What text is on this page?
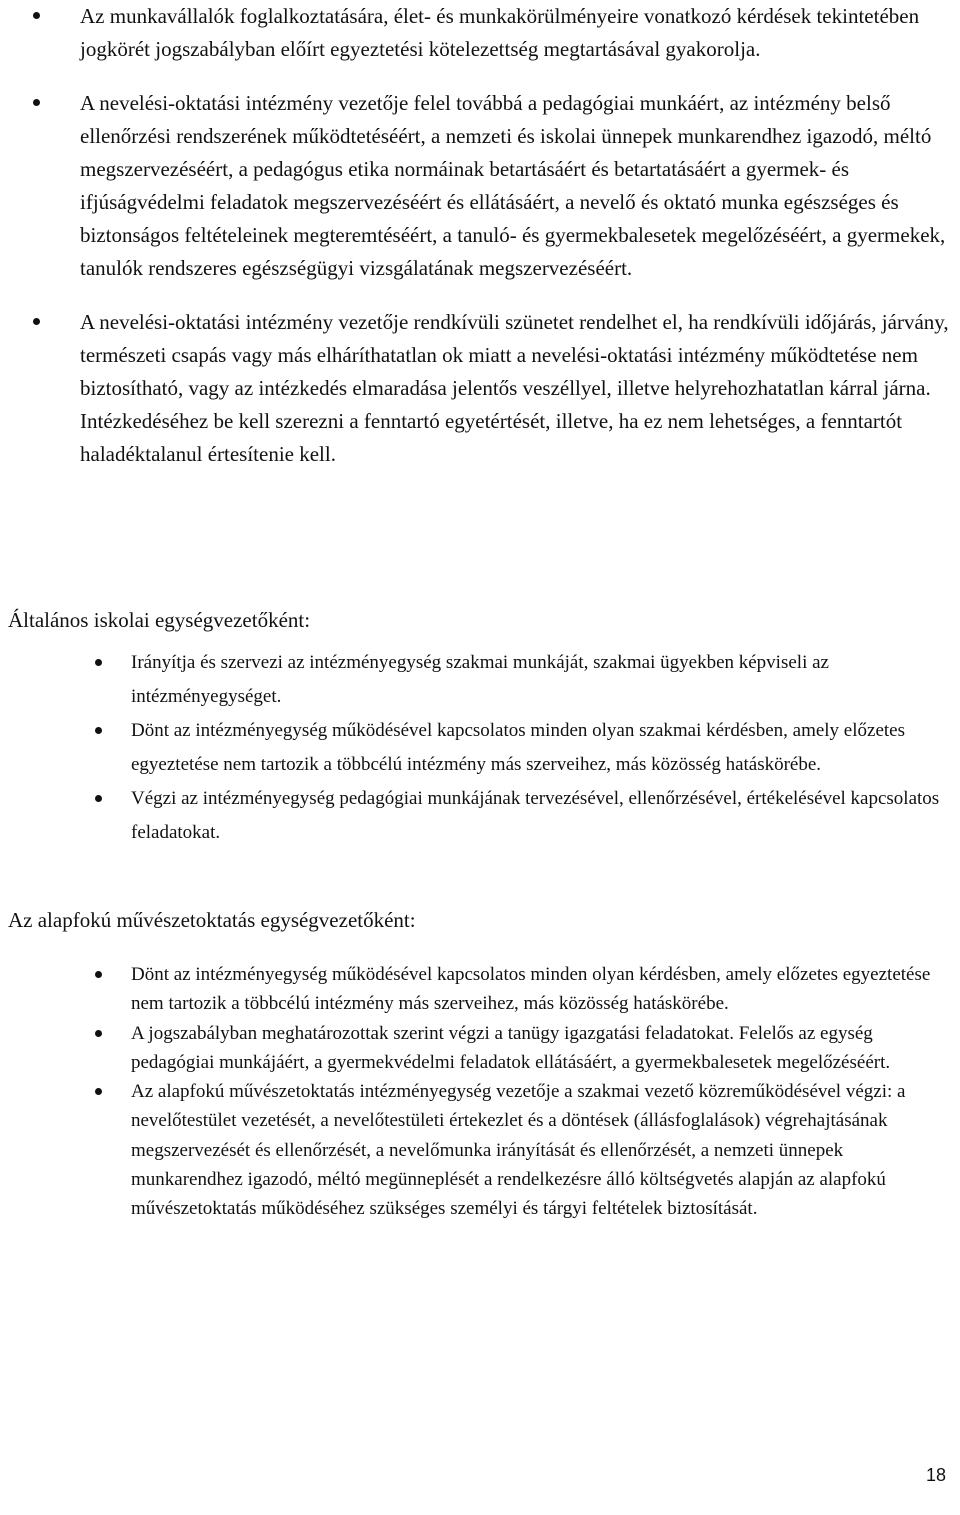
Az munkavállalók foglalkoztatására, élet- és munkakörülményeire vonatkozó kérdések tekintetében jogkörét jogszabályban előírt egyeztetési kötelezettség megtartásával gyakorolja.
A nevelési-oktatási intézmény vezetője felel továbbá a pedagógiai munkáért, az intézmény belső ellenőrzési rendszerének működtetéséért, a nemzeti és iskolai ünnepek munkarendhez igazodó, méltó megszervezéséért, a pedagógus etika normáinak betartásáért és betartatásáért a gyermek- és ifjúságvédelmi feladatok megszervezéséért és ellátásáért, a nevelő és oktató munka egészséges és biztonságos feltételeinek megteremtéséért, a tanuló- és gyermekbalesetek megelőzéséért, a gyermekek, tanulók rendszeres egészségügyi vizsgálatának megszervezéséért.
A nevelési-oktatási intézmény vezetője rendkívüli szünetet rendelhet el, ha rendkívüli időjárás, járvány, természeti csapás vagy más elháríthatatlan ok miatt a nevelési-oktatási intézmény működtetése nem biztosítható, vagy az intézkedés elmaradása jelentős veszéllyel, illetve helyrehozhatatlan kárral járna. Intézkedéséhez be kell szerezni a fenntartó egyetértését, illetve, ha ez nem lehetséges, a fenntartót haladéktalanul értesítenie kell.
Általános iskolai egységvezetőként:
Irányítja és szervezi az intézményegység szakmai munkáját, szakmai ügyekben képviseli az intézményegységet.
Dönt az intézményegység működésével kapcsolatos minden olyan szakmai kérdésben, amely előzetes egyeztetése nem tartozik a többcélú intézmény más szerveihez, más közösség hatáskörébe.
Végzi az intézményegység pedagógiai munkájának tervezésével, ellenőrzésével, értékelésével kapcsolatos feladatokat.
Az alapfokú művészetoktatás egységvezetőként:
Dönt az intézményegység működésével kapcsolatos minden olyan kérdésben, amely előzetes egyeztetése nem tartozik a többcélú intézmény más szerveihez, más közösség hatáskörébe.
A jogszabályban meghatározottak szerint végzi a tanügy igazgatási feladatokat. Felelős az egység pedagógiai munkájáért, a gyermekvédelmi feladatok ellátásáért, a gyermekbalesetek megelőzéséért.
Az alapfokú művészetoktatás intézményegység vezetője a szakmai vezető közreműködésével végzi: a nevelőtestület vezetését, a nevelőtestületi értekezlet és a döntések (állásfoglalások) végrehajtásának megszervezését és ellenőrzését, a nevelőmunka irányítását és ellenőrzését, a nemzeti ünnepek munkarendhez igazodó, méltó megünneplését a rendelkezésre álló költségvetés alapján az alapfokú művészetoktatás működéséhez szükséges személyi és tárgyi feltételek biztosítását.
18
